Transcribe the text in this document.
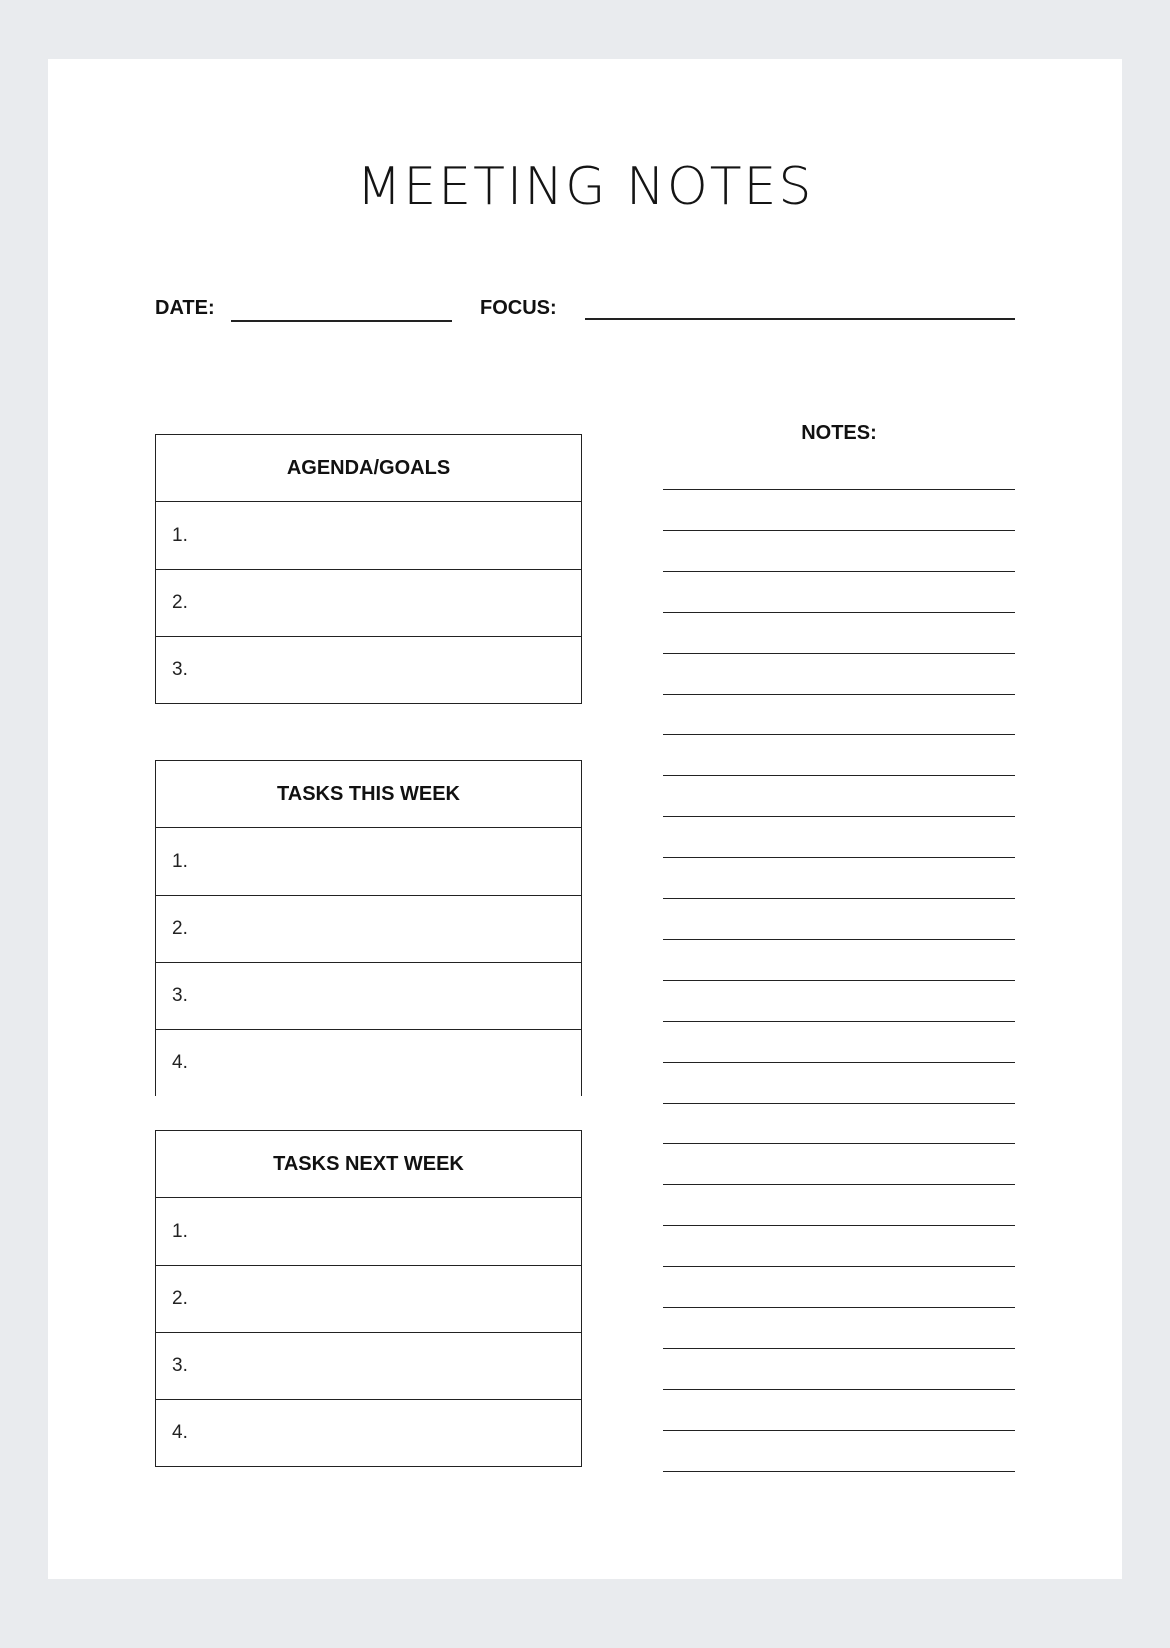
MEETING NOTES
DATE:	FOCUS:
AGENDA/GOALS
1.
2.
3.
TASKS THIS WEEK
1.
2.
3.
4.
TASKS NEXT WEEK
1.
2.
3.
4.
NOTES:
